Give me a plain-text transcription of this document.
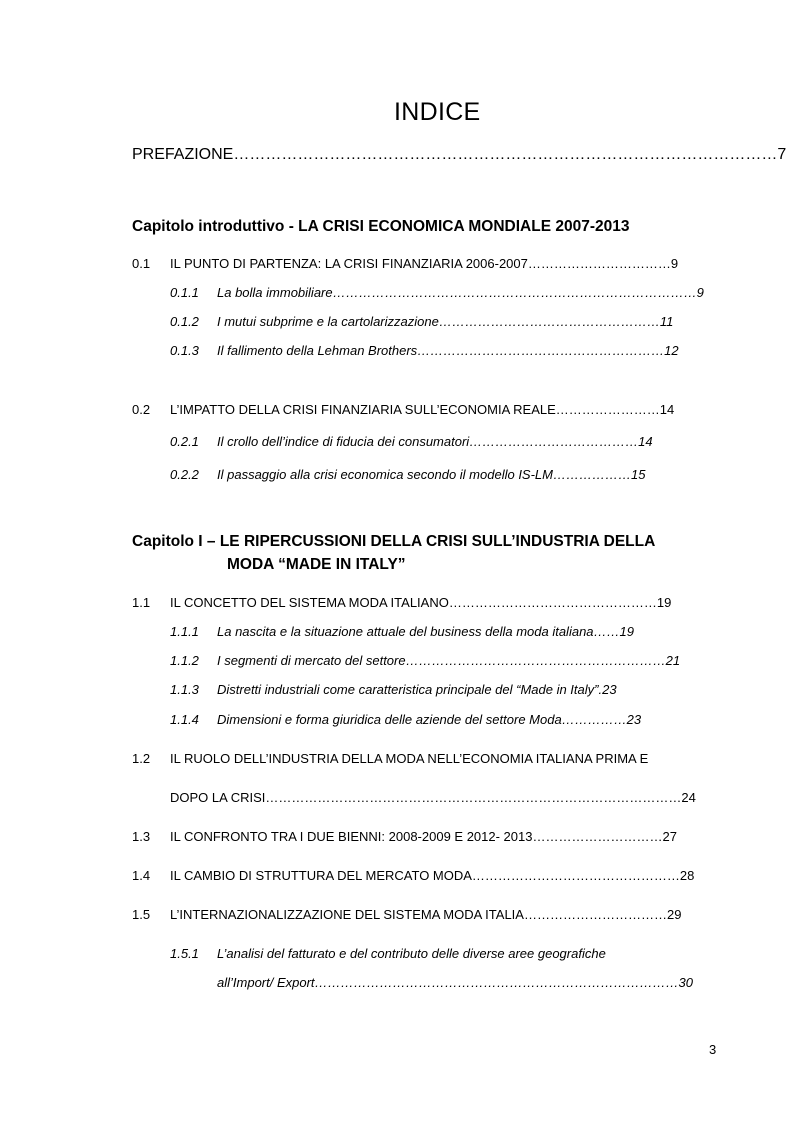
INDICE
PREFAZIONE…………………………………………………………………………………………7
Capitolo introduttivo - LA CRISI ECONOMICA MONDIALE 2007-2013
0.1 IL PUNTO DI PARTENZA: LA CRISI FINANZIARIA 2006-2007……………………………9
0.1.1 La bolla immobiliare…………………………………………………………………………9
0.1.2 I mutui subprime e la cartolarizzazione……………………………………………11
0.1.3 Il fallimento della Lehman Brothers…………………………………………………12
0.2 L’IMPATTO DELLA CRISI FINANZIARIA SULL’ECONOMIA REALE……………………14
0.2.1 Il crollo dell’indice di fiducia dei consumatori…………………………………14
0.2.2 Il passaggio alla crisi economica secondo il modello IS-LM………………15
Capitolo I – LE RIPERCUSSIONI DELLA CRISI SULL’INDUSTRIA DELLA
MODA “MADE IN ITALY”
1.1 IL CONCETTO DEL SISTEMA MODA ITALIANO…………………………………………19
1.1.1 La nascita e la situazione attuale del business della moda italiana……19
1.1.2 I segmenti di mercato del settore……………………………………………………21
1.1.3 Distretti industriali come caratteristica principale del “Made in Italy”.23
1.1.4 Dimensioni e forma giuridica delle aziende del settore Moda……………23
1.2 IL RUOLO DELL’INDUSTRIA DELLA MODA NELL’ECONOMIA ITALIANA PRIMA E
DOPO LA CRISI……………………………………………………………………………………24
1.3 IL CONFRONTO TRA I DUE BIENNI: 2008-2009 E 2012- 2013…………………………27
1.4 IL CAMBIO DI STRUTTURA DEL MERCATO MODA…………………………………………28
1.5 L’INTERNAZIONALIZZAZIONE DEL SISTEMA MODA ITALIA……………………………29
1.5.1 L’analisi del fatturato e del contributo delle diverse aree geografiche
all’Import/ Export…………………………………………………………………………30
3
